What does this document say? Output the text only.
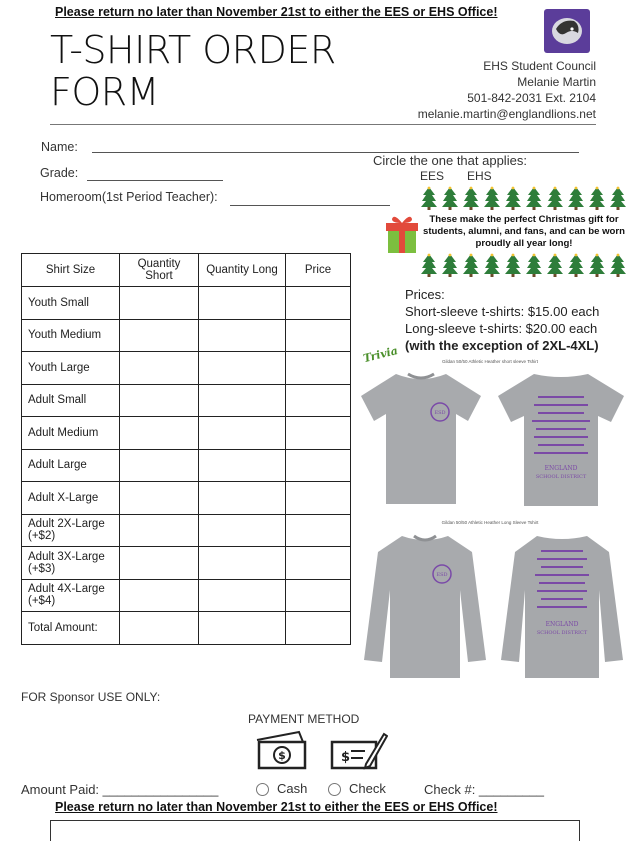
Please return no later than November 21st to either the EES or EHS Office!
T-SHIRT ORDER
FORM
EHS Student Council
Melanie Martin
501-842-2031 Ext. 2104
melanie.martin@englandlions.net
Name:
Grade:
Homeroom(1st Period Teacher):
Circle the one that applies:
EES EHS
These make the perfect Christmas gift for students, alumni, and fans, and can be worn proudly all year long!
Prices:
Short-sleeve t-shirts: $15.00 each
Long-sleeve t-shirts: $20.00 each
(with the exception of 2XL-4XL)
Trivia	Gildan 50/50 Athletic Heather short sleeve Tshirt
ESD
ENGLAND
SCHOOL DISTRICT
Gildan 50/50 Athletic Heather Long Sleeve Tshirt
ESD
ENGLAND
SCHOOL DISTRICT
Shirt Size	Quantity Short	Quantity Long	Price
Youth Small			
Youth Medium			
Youth Large			
Adult Small			
Adult Medium			
Adult Large			
Adult X-Large			
Adult 2X-Large (+$2)			
Adult 3X-Large (+$3)			
Adult 4X-Large (+$4)			
Total Amount:			
FOR Sponsor USE ONLY:
PAYMENT METHOD
$	$
Amount Paid: ________________	Cash	Check	Check #: _________
Please return no later than November 21st to either the EES or EHS Office!
